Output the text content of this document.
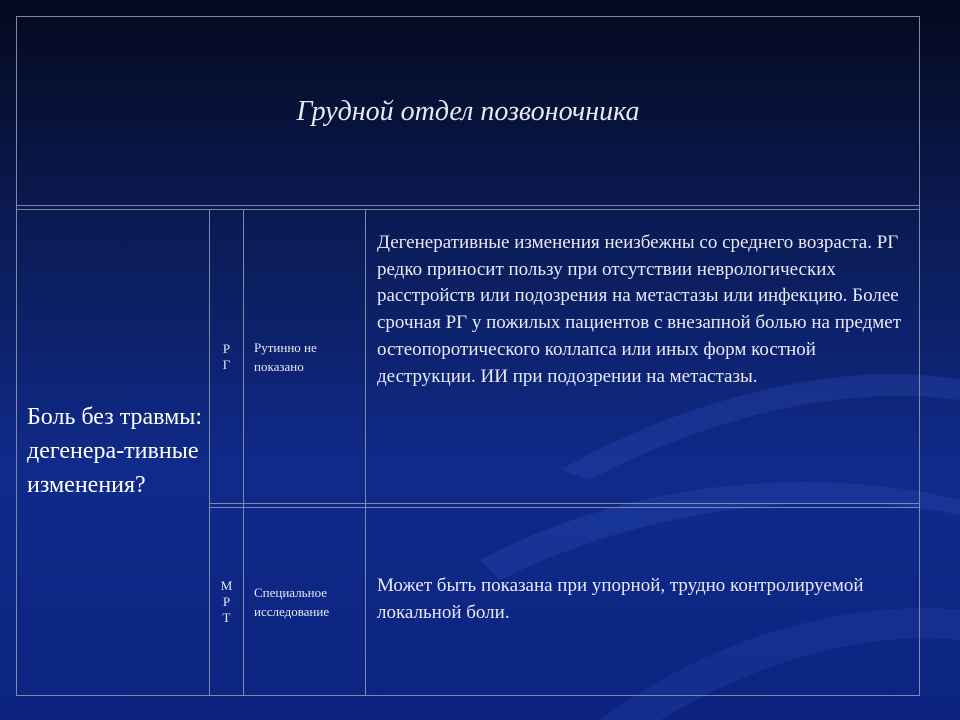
Грудной отдел позвоночника
Боль без травмы: дегенера-тивные изменения?
РГ
Рутинно не показано
Дегенеративные изменения неизбежны со среднего возраста. РГ редко приносит пользу при отсутствии неврологических расстройств или подозрения на метастазы или инфекцию. Более срочная РГ у пожилых пациентов с внезапной болью на предмет остеопоротического коллапса или иных форм костной деструкции. ИИ при подозрении на метастазы.
МРТ
Специальное исследование
Может быть показана при упорной, трудно контролируемой локальной боли.
